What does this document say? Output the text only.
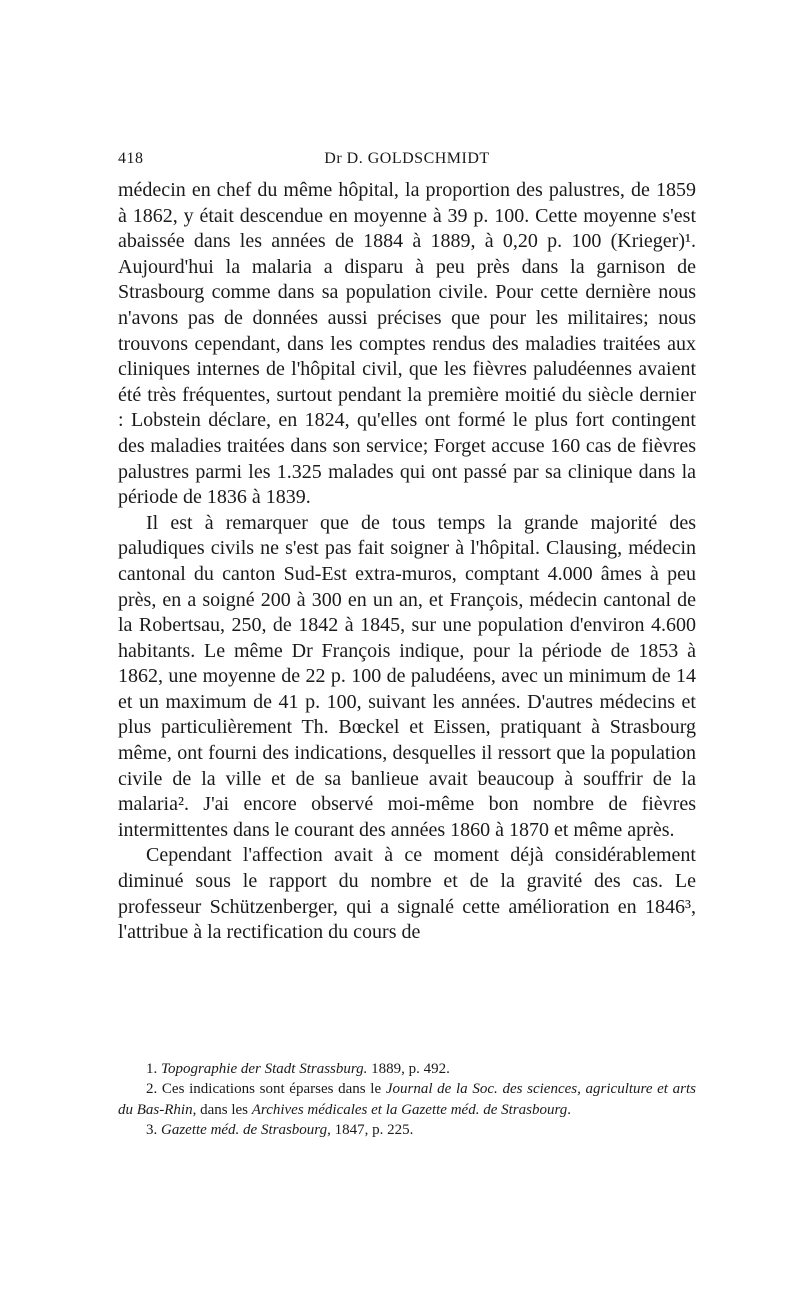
418	Dr D. GOLDSCHMIDT

médecin en chef du même hôpital, la proportion des palustres, de 1859 à 1862, y était descendue en moyenne à 39 p. 100. Cette moyenne s'est abaissée dans les années de 1884 à 1889, à 0,20 p. 100 (Krieger)¹. Aujourd'hui la malaria a disparu à peu près dans la garnison de Strasbourg comme dans sa population civile. Pour cette dernière nous n'avons pas de données aussi précises que pour les militaires; nous trouvons cependant, dans les comptes rendus des maladies traitées aux cliniques internes de l'hôpital civil, que les fièvres paludéennes avaient été très fréquentes, surtout pendant la première moitié du siècle dernier : Lobstein déclare, en 1824, qu'elles ont formé le plus fort contingent des maladies traitées dans son service; Forget accuse 160 cas de fièvres palustres parmi les 1.325 malades qui ont passé par sa clinique dans la période de 1836 à 1839.

Il est à remarquer que de tous temps la grande majorité des paludiques civils ne s'est pas fait soigner à l'hôpital. Clausing, médecin cantonal du canton Sud-Est extra-muros, comptant 4.000 âmes à peu près, en a soigné 200 à 300 en un an, et François, médecin cantonal de la Robertsau, 250, de 1842 à 1845, sur une population d'environ 4.600 habitants. Le même Dr François indique, pour la période de 1853 à 1862, une moyenne de 22 p. 100 de paludéens, avec un minimum de 14 et un maximum de 41 p. 100, suivant les années. D'autres médecins et plus particulièrement Th. Bœckel et Eissen, pratiquant à Strasbourg même, ont fourni des indications, desquelles il ressort que la population civile de la ville et de sa banlieue avait beaucoup à souffrir de la malaria². J'ai encore observé moi-même bon nombre de fièvres intermittentes dans le courant des années 1860 à 1870 et même après.

Cependant l'affection avait à ce moment déjà considérablement diminué sous le rapport du nombre et de la gravité des cas. Le professeur Schützenberger, qui a signalé cette amélioration en 1846³, l'attribue à la rectification du cours de

1. Topographie der Stadt Strassburg. 1889, p. 492.

2. Ces indications sont éparses dans le Journal de la Soc. des sciences, agriculture et arts du Bas-Rhin, dans les Archives médicales et la Gazette méd. de Strasbourg.

3. Gazette méd. de Strasbourg, 1847, p. 225.
